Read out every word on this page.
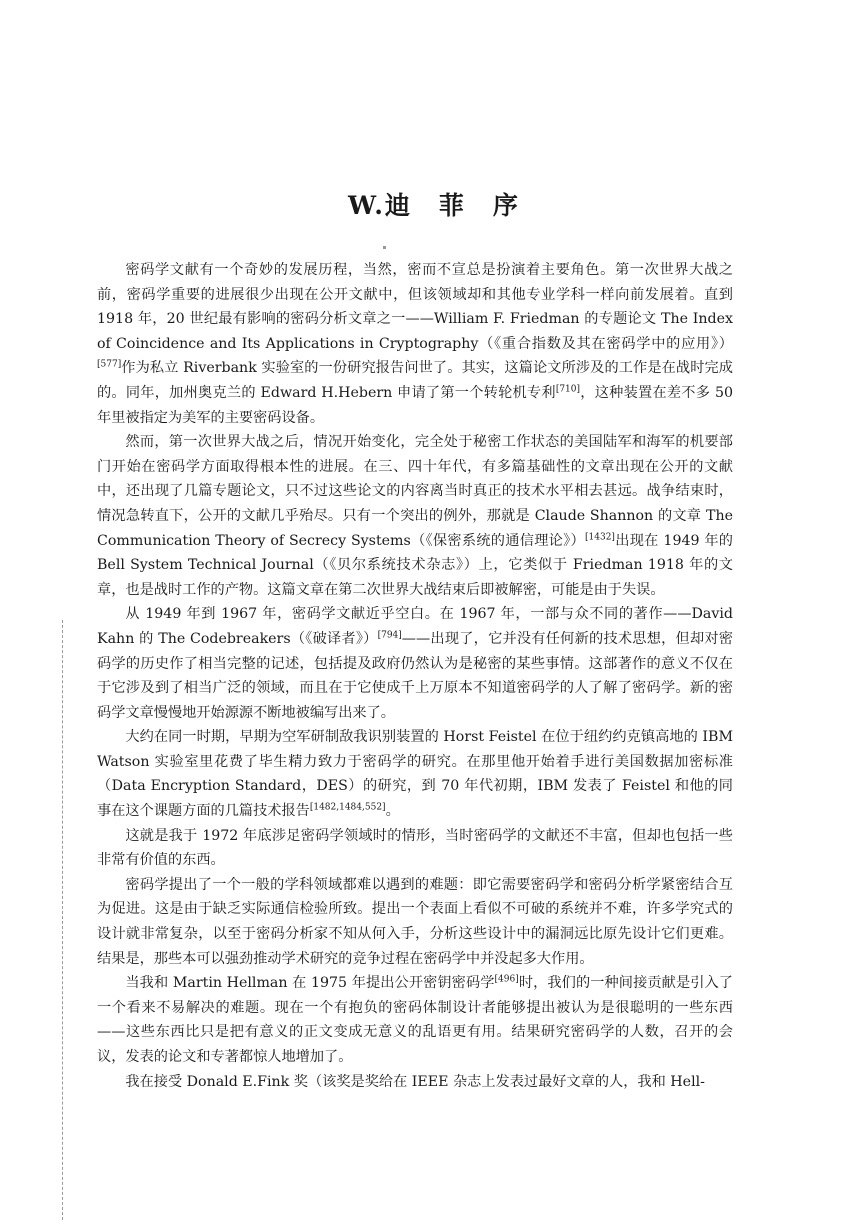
W.迪　菲　序

密码学文献有一个奇妙的发展历程，当然，密而不宣总是扮演着主要角色。第一次世界大战之前，密码学重要的进展很少出现在公开文献中，但该领域却和其他专业学科一样向前发展着。直到 1918 年，20 世纪最有影响的密码分析文章之一——William F. Friedman 的专题论文 The Index of Coincidence and Its Applications in Cryptography（《重合指数及其在密码学中的应用》）[577]作为私立 Riverbank 实验室的一份研究报告问世了。其实，这篇论文所涉及的工作是在战时完成的。同年，加州奥克兰的 Edward H.Hebern 申请了第一个转轮机专利[710]，这种装置在差不多 50 年里被指定为美军的主要密码设备。

然而，第一次世界大战之后，情况开始变化，完全处于秘密工作状态的美国陆军和海军的机要部门开始在密码学方面取得根本性的进展。在三、四十年代，有多篇基础性的文章出现在公开的文献中，还出现了几篇专题论文，只不过这些论文的内容离当时真正的技术水平相去甚远。战争结束时，情况急转直下，公开的文献几乎殆尽。只有一个突出的例外，那就是 Claude Shannon 的文章 The Communication Theory of Secrecy Systems（《保密系统的通信理论》）[1432]出现在 1949 年的 Bell System Technical Journal（《贝尔系统技术杂志》）上，它类似于 Friedman 1918 年的文章，也是战时工作的产物。这篇文章在第二次世界大战结束后即被解密，可能是由于失误。

从 1949 年到 1967 年，密码学文献近乎空白。在 1967 年，一部与众不同的著作——David Kahn 的 The Codebreakers（《破译者》）[794]——出现了，它并没有任何新的技术思想，但却对密码学的历史作了相当完整的记述，包括提及政府仍然认为是秘密的某些事情。这部著作的意义不仅在于它涉及到了相当广泛的领域，而且在于它使成千上万原本不知道密码学的人了解了密码学。新的密码学文章慢慢地开始源源不断地被编写出来了。

大约在同一时期，早期为空军研制敌我识别装置的 Horst Feistel 在位于纽约约克镇高地的 IBM Watson 实验室里花费了毕生精力致力于密码学的研究。在那里他开始着手进行美国数据加密标准（Data Encryption Standard，DES）的研究，到 70 年代初期，IBM 发表了 Feistel 和他的同事在这个课题方面的几篇技术报告[1482,1484,552]。

这就是我于 1972 年底涉足密码学领域时的情形，当时密码学的文献还不丰富，但却也包括一些非常有价值的东西。

密码学提出了一个一般的学科领域都难以遇到的难题：即它需要密码学和密码分析学紧密结合互为促进。这是由于缺乏实际通信检验所致。提出一个表面上看似不可破的系统并不难，许多学究式的设计就非常复杂，以至于密码分析家不知从何入手，分析这些设计中的漏洞远比原先设计它们更难。结果是，那些本可以强劲推动学术研究的竞争过程在密码学中并没起多大作用。

当我和 Martin Hellman 在 1975 年提出公开密钥密码学[496]时，我们的一种间接贡献是引入了一个看来不易解决的难题。现在一个有抱负的密码体制设计者能够提出被认为是很聪明的一些东西——这些东西比只是把有意义的正文变成无意义的乱语更有用。结果研究密码学的人数，召开的会议，发表的论文和专著都惊人地增加了。

我在接受 Donald E.Fink 奖（该奖是奖给在 IEEE 杂志上发表过最好文章的人，我和 Hell-
